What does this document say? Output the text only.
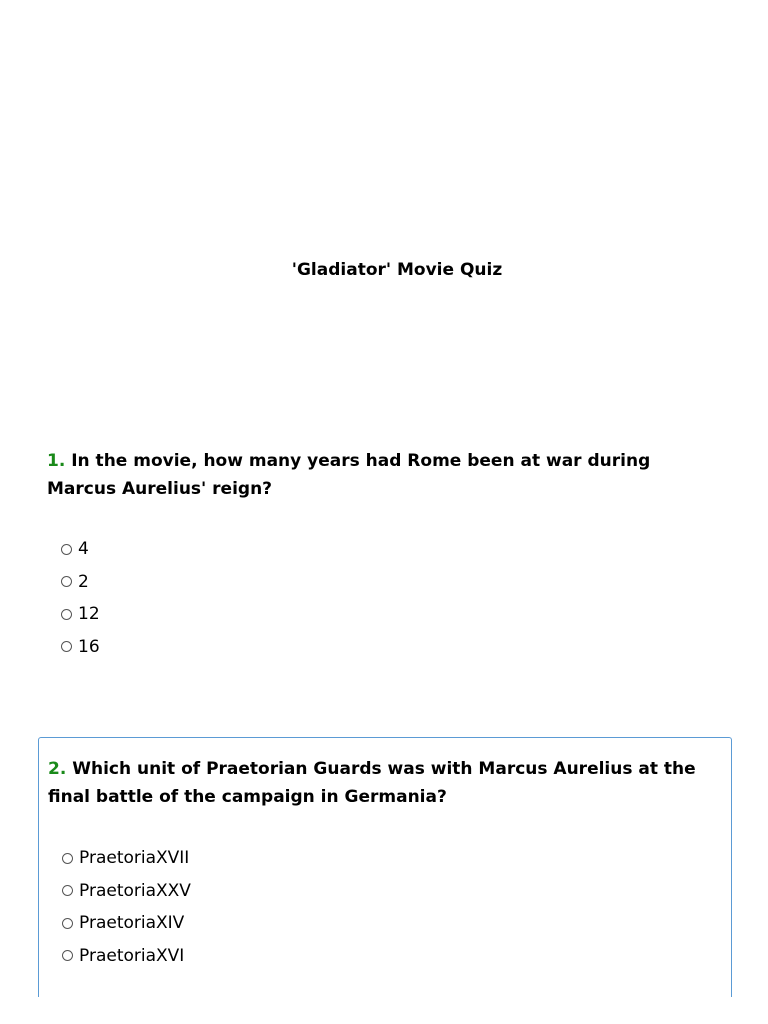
'Gladiator' Movie Quiz
1. In the movie, how many years had Rome been at war during Marcus Aurelius' reign?
4
2
12
16
2. Which unit of Praetorian Guards was with Marcus Aurelius at the final battle of the campaign in Germania?
PraetoriaXVII
PraetoriaXXV
PraetoriaXIV
PraetoriaXVI
